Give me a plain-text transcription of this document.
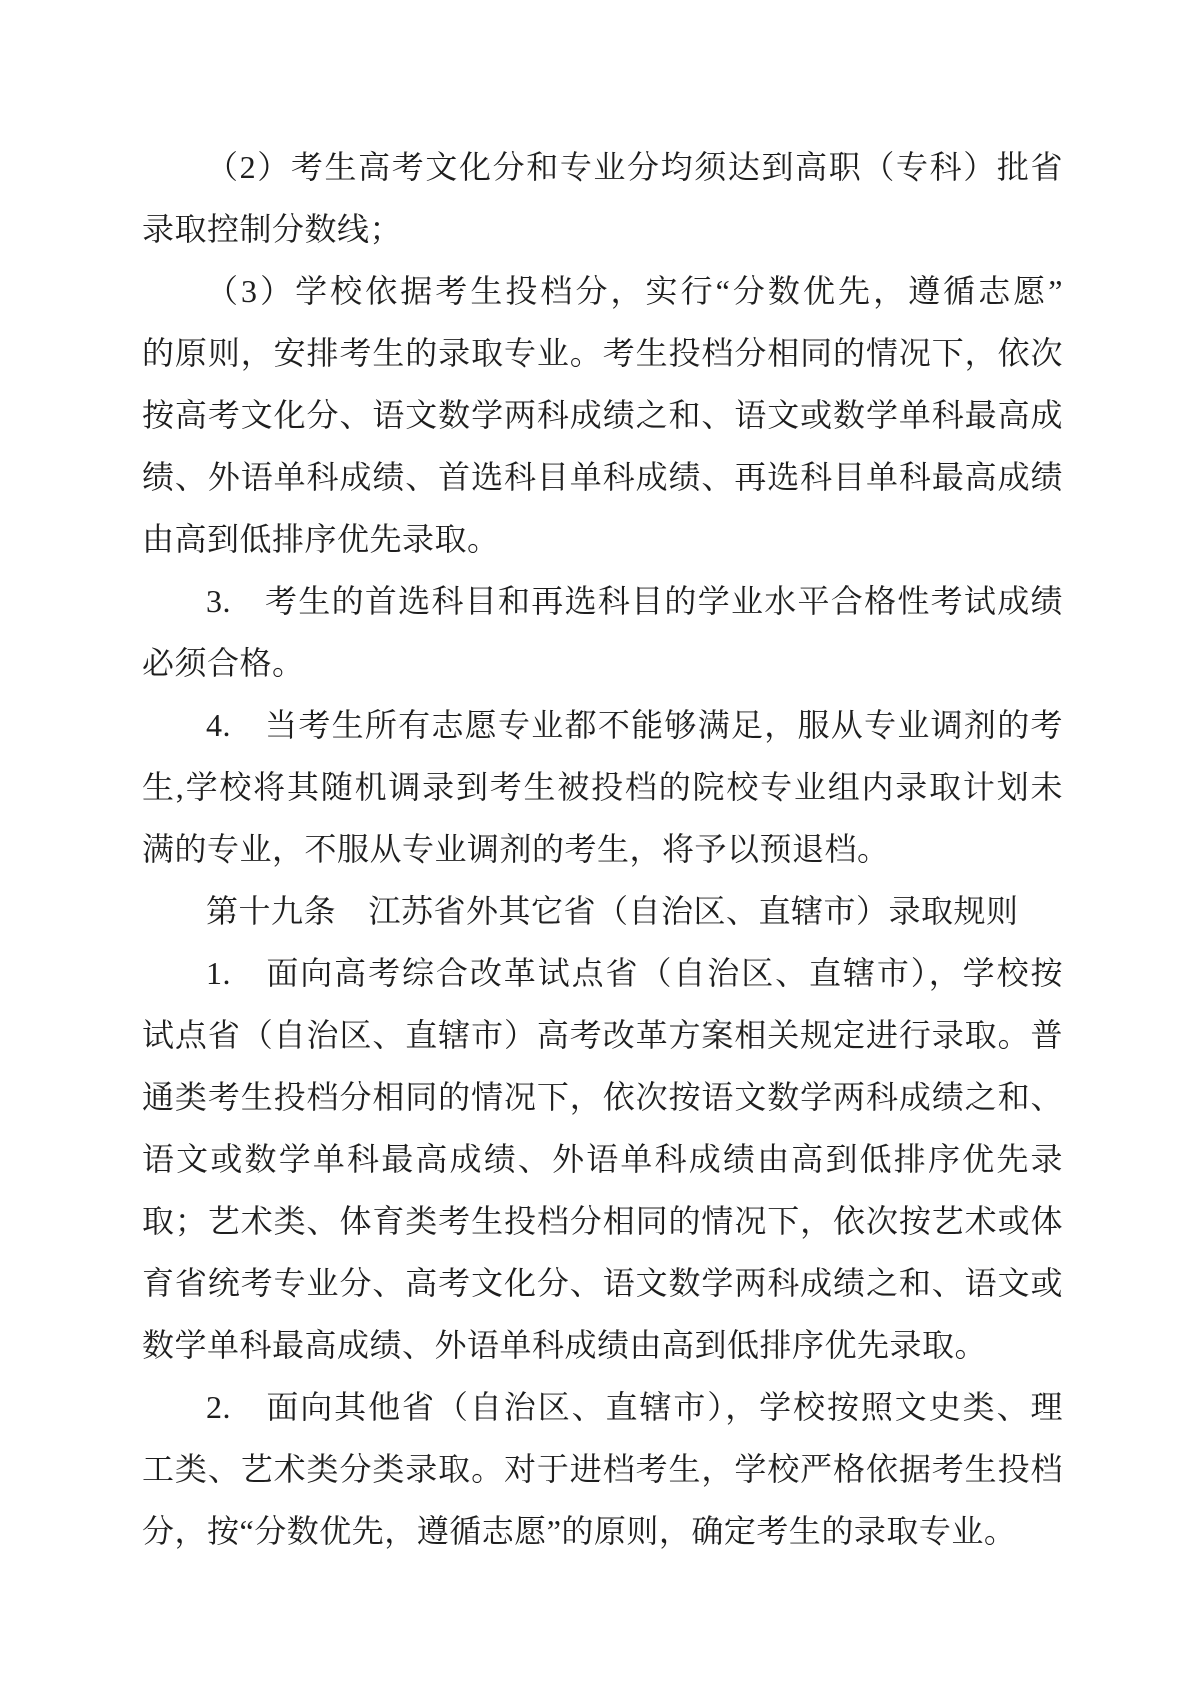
（2）考生高考文化分和专业分均须达到高职（专科）批省

录取控制分数线；

（3）学校依据考生投档分，实行“分数优先，遵循志愿”

的原则，安排考生的录取专业。考生投档分相同的情况下，依次

按高考文化分、语文数学两科成绩之和、语文或数学单科最高成

绩、外语单科成绩、首选科目单科成绩、再选科目单科最高成绩

由高到低排序优先录取。

3.　考生的首选科目和再选科目的学业水平合格性考试成绩

必须合格。

4.　当考生所有志愿专业都不能够满足，服从专业调剂的考

生,学校将其随机调录到考生被投档的院校专业组内录取计划未

满的专业，不服从专业调剂的考生，将予以预退档。

第十九条　江苏省外其它省（自治区、直辖市）录取规则

1.　面向高考综合改革试点省（自治区、直辖市），学校按

试点省（自治区、直辖市）高考改革方案相关规定进行录取。普

通类考生投档分相同的情况下，依次按语文数学两科成绩之和、

语文或数学单科最高成绩、外语单科成绩由高到低排序优先录

取；艺术类、体育类考生投档分相同的情况下，依次按艺术或体

育省统考专业分、高考文化分、语文数学两科成绩之和、语文或

数学单科最高成绩、外语单科成绩由高到低排序优先录取。

2.　面向其他省（自治区、直辖市），学校按照文史类、理

工类、艺术类分类录取。对于进档考生，学校严格依据考生投档

分，按“分数优先，遵循志愿”的原则，确定考生的录取专业。
